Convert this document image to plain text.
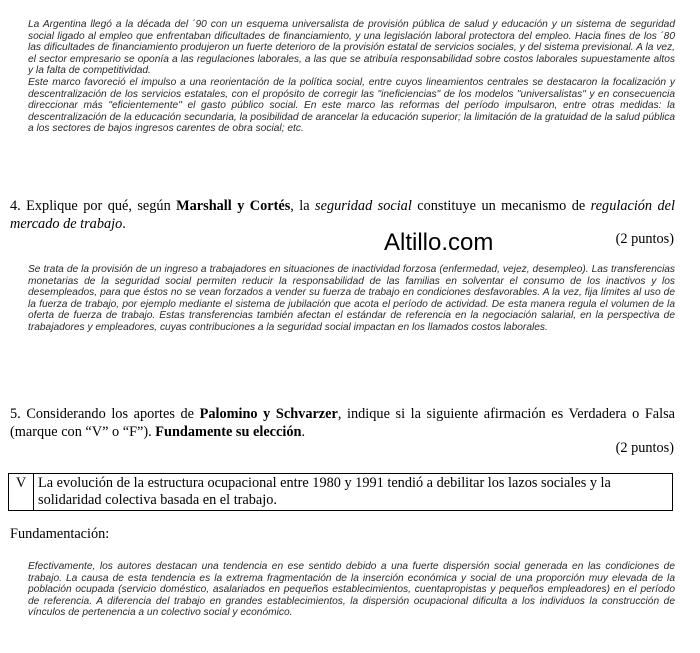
La Argentina llegó a la década del ´90 con un esquema universalista de provisión pública de salud y educación y un sistema de seguridad social ligado al empleo que enfrentaban dificultades de financiamiento, y una legislación laboral protectora del empleo. Hacia fines de los ´80 las dificultades de financiamiento produjeron un fuerte deterioro de la provisión estatal de servicios sociales, y del sistema previsional. A la vez, el sector empresario se oponía a las regulaciones laborales, a las que se atribuía responsabilidad sobre costos laborales supuestamente altos y la falta de competitividad.

Este marco favoreció el impulso a una reorientación de la política social, entre cuyos lineamientos centrales se destacaron la focalización y descentralización de los servicios estatales, con el propósito de corregir las "ineficiencias" de los modelos "universalistas" y en consecuencia direccionar más "eficientemente" el gasto público social. En este marco las reformas del período impulsaron, entre otras medidas: la descentralización de la educación secundaria, la posibilidad de arancelar la educación superior; la limitación de la gratuidad de la salud pública a los sectores de bajos ingresos carentes de obra social; etc.

4. Explique por qué, según Marshall y Cortés, la seguridad social constituye un mecanismo de regulación del mercado de trabajo.

Altillo.com	(2 puntos)

Se trata de la provisión de un ingreso a trabajadores en situaciones de inactividad forzosa (enfermedad, vejez, desempleo). Las transferencias monetarias de la seguridad social permiten reducir la responsabilidad de las familias en solventar el consumo de los inactivos y los desempleados, para que éstos no se vean forzados a vender su fuerza de trabajo en condiciones desfavorables. A la vez, fija límites al uso de la fuerza de trabajo, por ejemplo mediante el sistema de jubilación que acota el período de actividad. De esta manera regula el volumen de la oferta de fuerza de trabajo. Estas transferencias también afectan el estándar de referencia en la negociación salarial, en la perspectiva de trabajadores y empleadores, cuyas contribuciones a la seguridad social impactan en los llamados costos laborales.

5. Considerando los aportes de Palomino y Schvarzer, indique si la siguiente afirmación es Verdadera o Falsa (marque con “V” o “F”). Fundamente su elección.

(2 puntos)

V	La evolución de la estructura ocupacional entre 1980 y 1991 tendió a debilitar los lazos sociales y la solidaridad colectiva basada en el trabajo.

Fundamentación:

Efectivamente, los autores destacan una tendencia en ese sentido debido a una fuerte dispersión social generada en las condiciones de trabajo. La causa de esta tendencia es la extrema fragmentación de la inserción económica y social de una proporción muy elevada de la población ocupada (servicio doméstico, asalariados en pequeños establecimientos, cuentapropistas y pequeños empleadores) en el período de referencia. A diferencia del trabajo en grandes establecimientos, la dispersión ocupacional dificulta a los individuos la construcción de vínculos de pertenencia a un colectivo social y económico.
